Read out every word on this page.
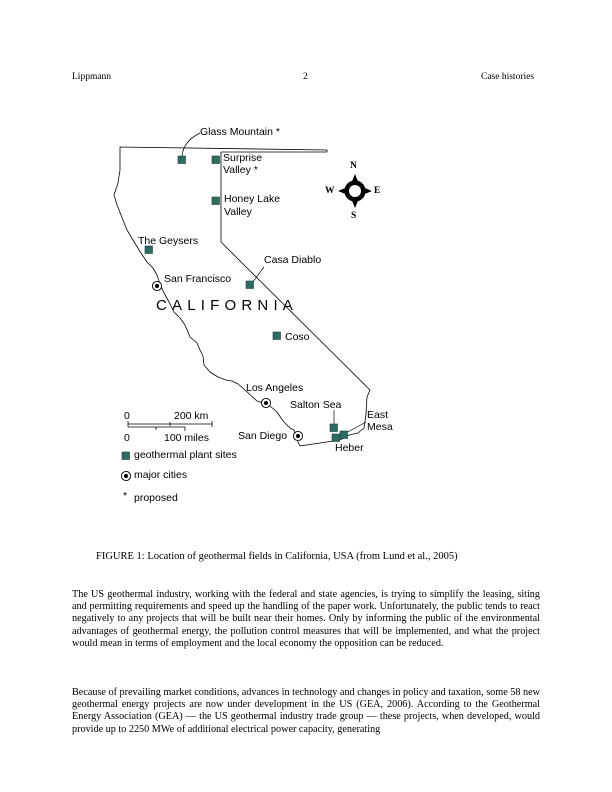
Lippmann	2	Case histories
N
S
E
W
Glass Mountain *
Surprise
Valley *
Honey Lake
Valley
The Geysers
Casa Diablo
Coso
Salton Sea
East
Mesa
Heber
San Francisco
Los Angeles
San Diego
CALIFORNIA
0	200 km
0	100 miles
geothermal plant sites
major cities
* proposed
FIGURE 1: Location of geothermal fields in California, USA (from Lund et al., 2005)

The US geothermal industry, working with the federal and state agencies, is trying to simplify the leasing, siting and permitting requirements and speed up the handling of the paper work. Unfortunately, the public tends to react negatively to any projects that will be built near their homes. Only by informing the public of the environmental advantages of geothermal energy, the pollution control measures that will be implemented, and what the project would mean in terms of employment and the local economy the opposition can be reduced.

Because of prevailing market conditions, advances in technology and changes in policy and taxation, some 58 new geothermal energy projects are now under development in the US (GEA, 2006). According to the Geothermal Energy Association (GEA) — the US geothermal industry trade group — these projects, when developed, would provide up to 2250 MWe of additional electrical power capacity, generating
